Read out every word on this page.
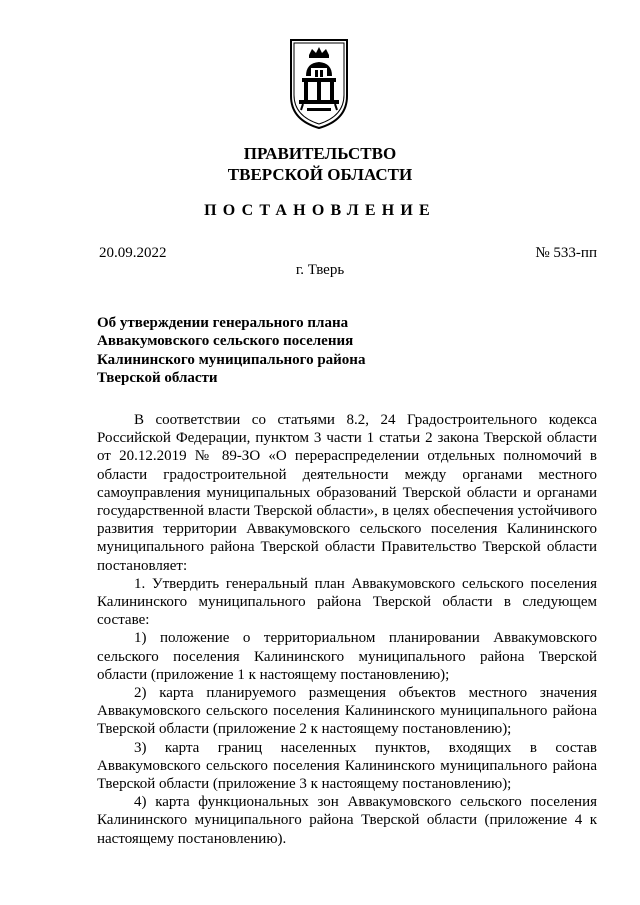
ПРАВИТЕЛЬСТВО
ТВЕРСКОЙ ОБЛАСТИ
ПОСТАНОВЛЕНИЕ
20.09.2022	№ 533-пп
г. Тверь
Об утверждении генерального плана
Аввакумовского сельского поселения
Калининского муниципального района
Тверской области

В соответствии со статьями 8.2, 24 Градостроительного кодекса Российской Федерации, пунктом 3 части 1 статьи 2 закона Тверской области от 20.12.2019 № 89-ЗО «О перераспределении отдельных полномочий в области градостроительной деятельности между органами местного самоуправления муниципальных образований Тверской области и органами государственной власти Тверской области», в целях обеспечения устойчивого развития территории Аввакумовского сельского поселения Калининского муниципального района Тверской области Правительство Тверской области постановляет:

1. Утвердить генеральный план Аввакумовского сельского поселения Калининского муниципального района Тверской области в следующем составе:

1) положение о территориальном планировании Аввакумовского сельского поселения Калининского муниципального района Тверской области (приложение 1 к настоящему постановлению);

2) карта планируемого размещения объектов местного значения Аввакумовского сельского поселения Калининского муниципального района Тверской области (приложение 2 к настоящему постановлению);

3) карта границ населенных пунктов, входящих в состав Аввакумовского сельского поселения Калининского муниципального района Тверской области (приложение 3 к настоящему постановлению);

4) карта функциональных зон Аввакумовского сельского поселения Калининского муниципального района Тверской области (приложение 4 к настоящему постановлению).
